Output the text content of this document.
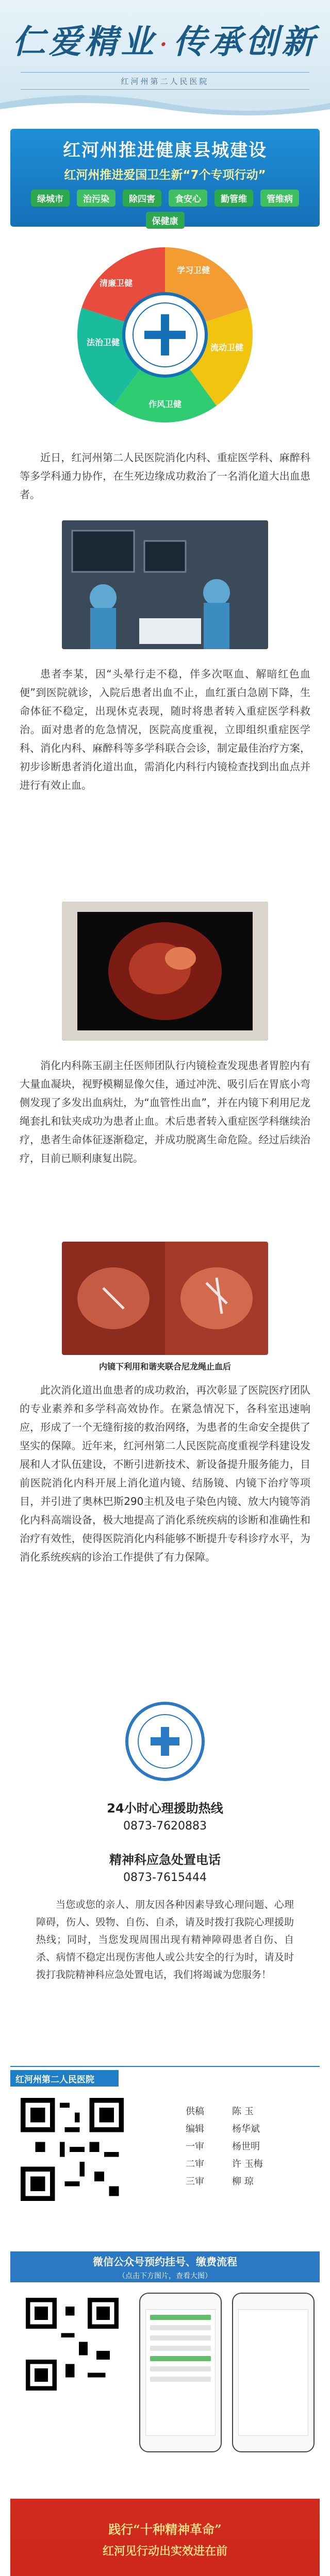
仁爱精业 ·传承创新
红河州第二人民医院
红河州推进健康县城建设
红河州推进爱国卫生新“7个专项行动”
绿城市	治污染	除四害	食安心	勤管维	管维病
保健康
学习卫健
清廉卫健
法治卫健
作风卫健
流动卫健
近日，红河州第二人民医院消化内科、重症医学科、麻醉科等多学科通力协作，在生死边缘成功救治了一名消化道大出血患者。
患者李某，因“头晕行走不稳，伴多次呕血、解暗红色血便”到医院就诊，入院后患者出血不止，血红蛋白急剧下降，生命体征不稳定，出现休克表现，随时将患者转入重症医学科救治。面对患者的危急情况，医院高度重视，立即组织重症医学科、消化内科、麻醉科等多学科联合会诊，制定最佳治疗方案，初步诊断患者消化道出血，需消化内科行内镜检查找到出血点并进行有效止血。
消化内科陈玉副主任医师团队行内镜检查发现患者胃腔内有大量血凝块，视野模糊显像欠佳，通过冲洗、吸引后在胃底小弯侧发现了多发出血病灶，为“血管性出血”，并在内镜下利用尼龙绳套扎和钛夹成功为患者止血。术后患者转入重症医学科继续治疗，患者生命体征逐渐稳定，并成功脱离生命危险。经过后续治疗，目前已顺利康复出院。
内镜下利用和谐夹联合尼龙绳止血后
此次消化道出血患者的成功救治，再次彰显了医院医疗团队的专业素养和多学科高效协作。在紧急情况下，各科室迅速响应，形成了一个无缝衔接的救治网络，为患者的生命安全提供了坚实的保障。近年来，红河州第二人民医院高度重视学科建设发展和人才队伍建设，不断引进新技术、新设备提升服务能力，目前医院消化内科开展上消化道内镜、结肠镜、内镜下治疗等项目，并引进了奥林巴斯290主机及电子染色内镜、放大内镜等消化内科高端设备，极大地提高了消化系统疾病的诊断和准确性和治疗有效性，使得医院消化内科能够不断提升专科诊疗水平，为消化系统疾病的诊治工作提供了有力保障。
24小时心理援助热线
0873-7620883
精神科应急处置电话
0873-7615444
当您或您的亲人、朋友因各种因素导致心理问题、心理障碍，伤人、毁物、自伤、自杀，请及时拨打我院心理援助热线；同时，当您发现周围出现有精神障碍患者自伤、自杀、病情不稳定出现伤害他人或公共安全的行为时，请及时拨打我院精神科应急处置电话，我们将竭诚为您服务！
红河州第二人民医院
供稿	陈 玉
编辑	杨华斌
一审	杨世明
二审	许 玉梅
三审	柳 琼
微信公众号预约挂号、缴费流程
（点击下方图片，查看大图）
践行“十种精神革命”
红河见行动出实效进在前
